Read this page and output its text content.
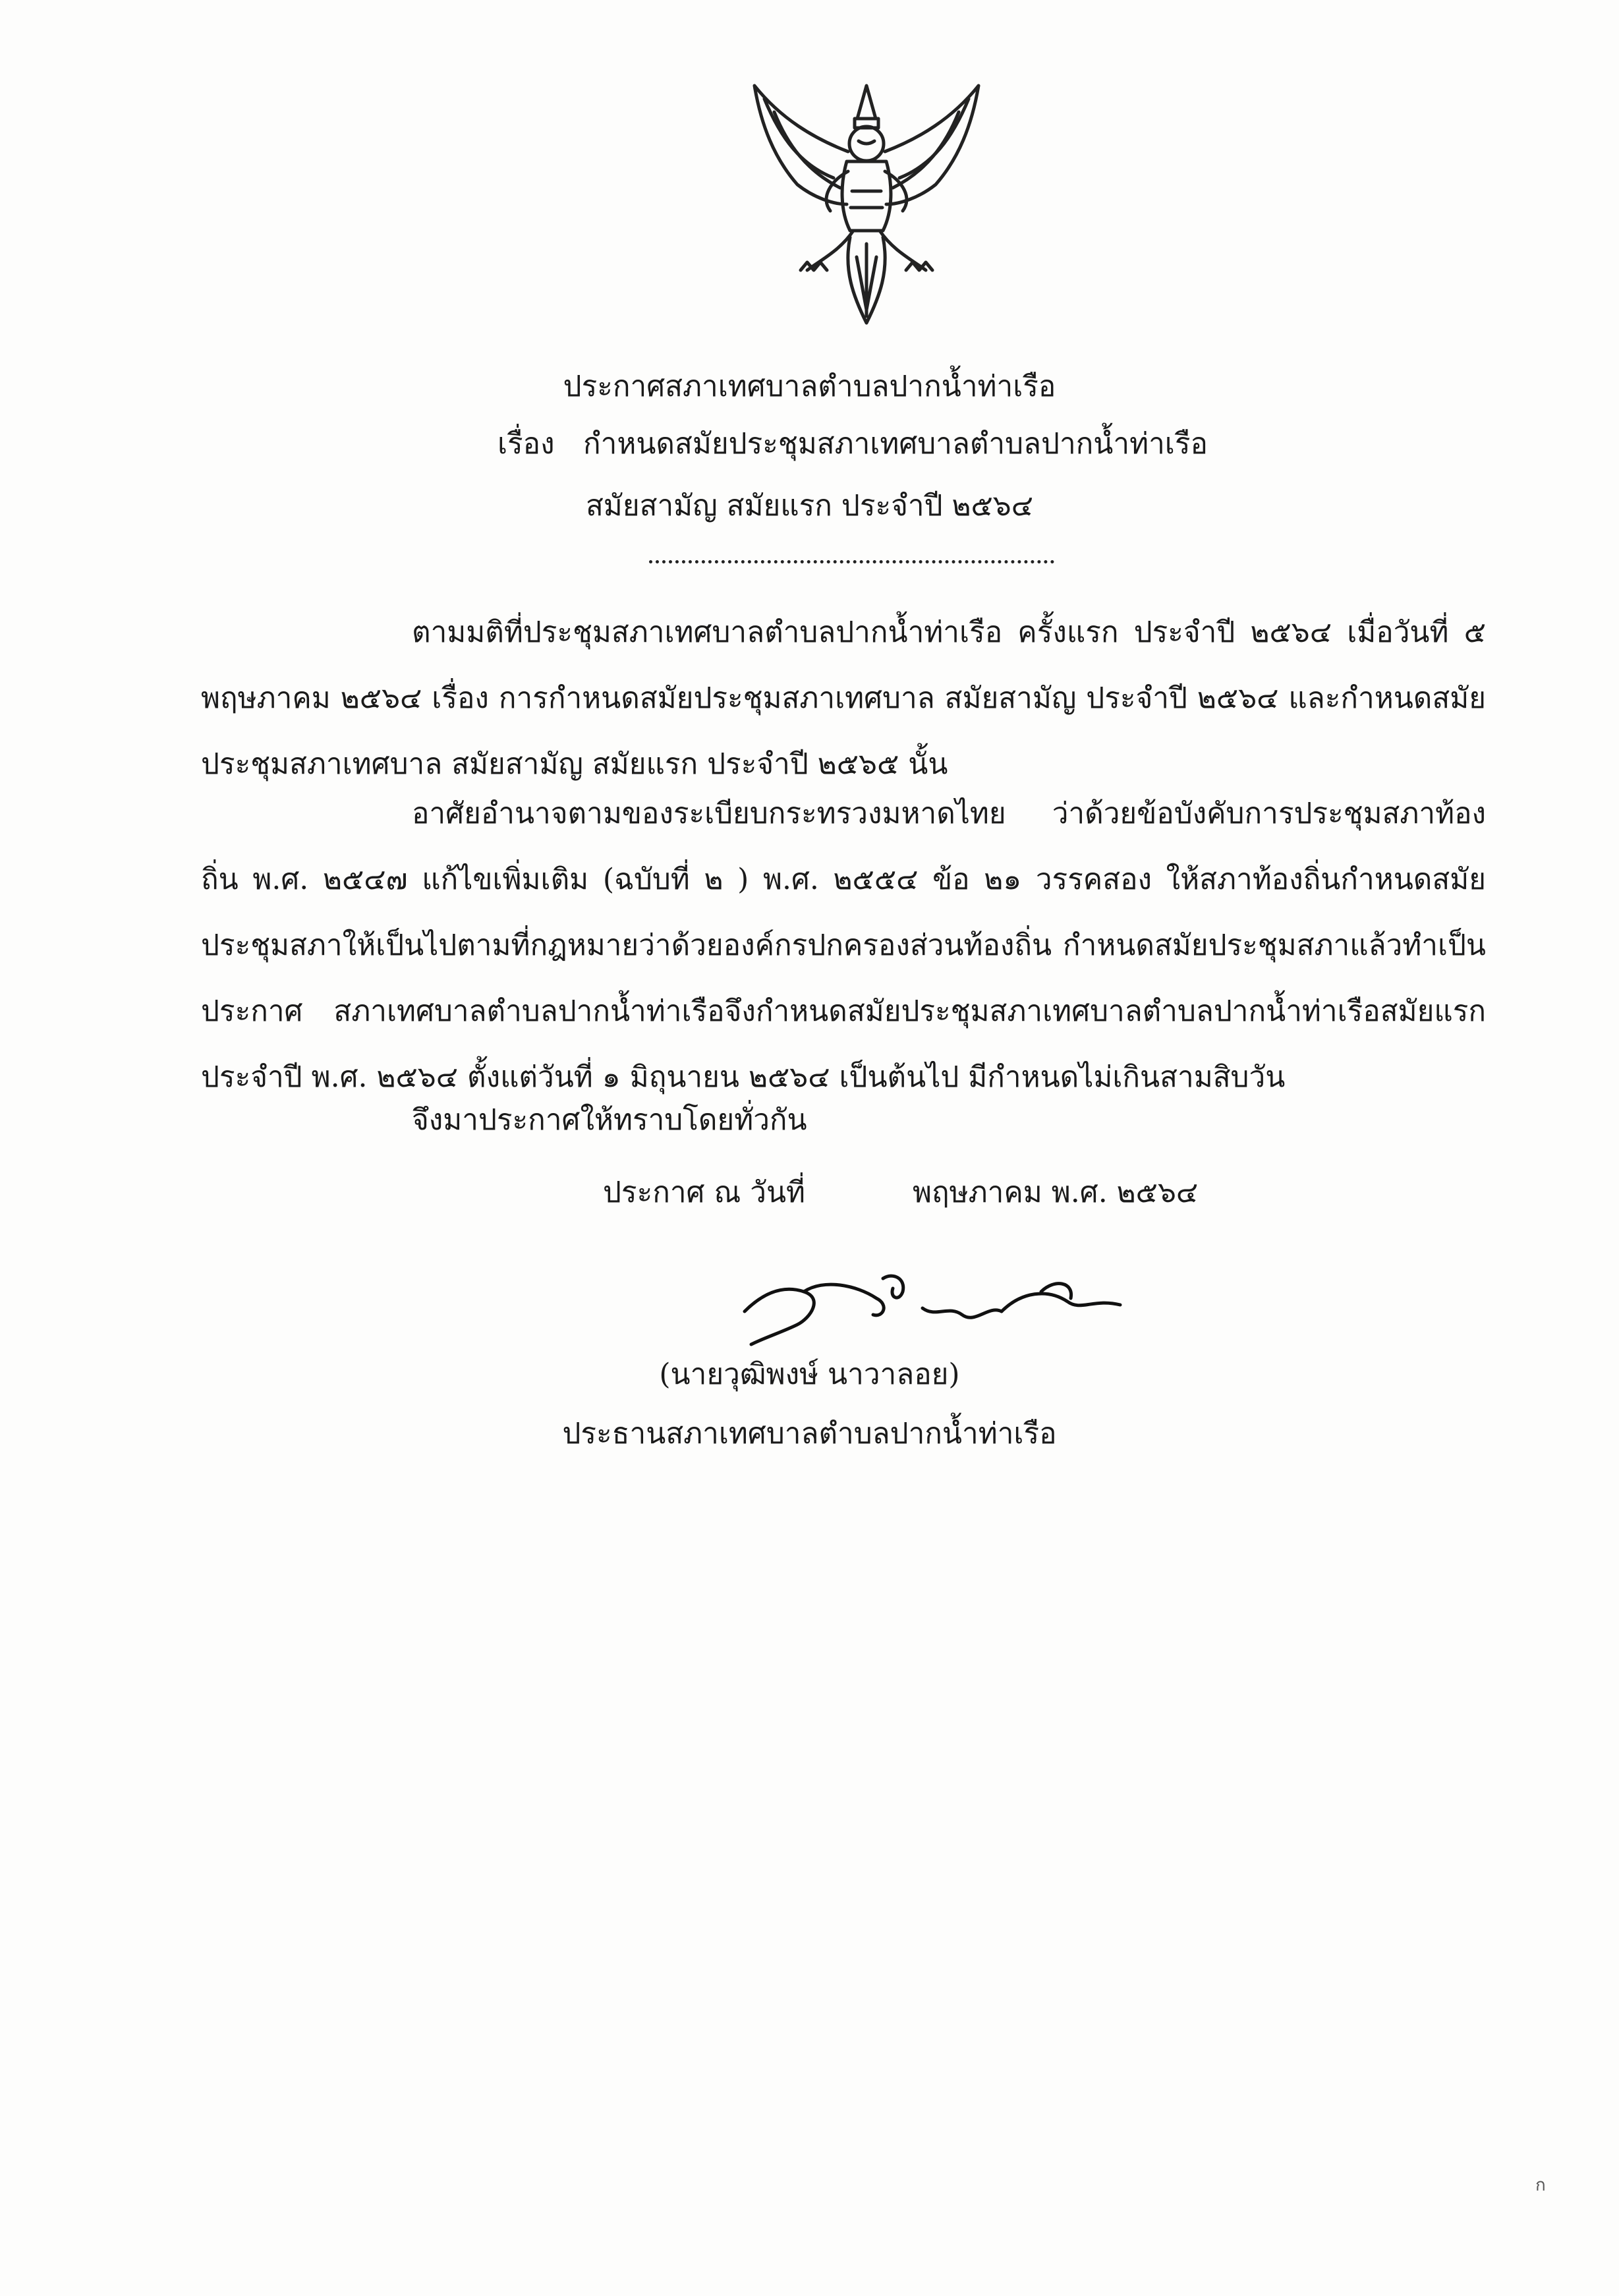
ประกาศสภาเทศบาลตำบลปากน้ำท่าเรือ
เรื่อง กำหนดสมัยประชุมสภาเทศบาลตำบลปากน้ำท่าเรือ
สมัยสามัญ สมัยแรก ประจำปี ๒๕๖๔

ตามมติที่ประชุมสภาเทศบาลตำบลปากน้ำท่าเรือ ครั้งแรก ประจำปี ๒๕๖๔ เมื่อวันที่ ๕ พฤษภาคม ๒๕๖๔ เรื่อง การกำหนดสมัยประชุมสภาเทศบาล สมัยสามัญ ประจำปี ๒๕๖๔ และกำหนดสมัยประชุมสภาเทศบาล สมัยสามัญ สมัยแรก ประจำปี ๒๕๖๕ นั้น

อาศัยอำนาจตามของระเบียบกระทรวงมหาดไทย ว่าด้วยข้อบังคับการประชุมสภาท้องถิ่น พ.ศ. ๒๕๔๗ แก้ไขเพิ่มเติม (ฉบับที่ ๒ ) พ.ศ. ๒๕๕๔ ข้อ ๒๑ วรรคสอง ให้สภาท้องถิ่นกำหนดสมัยประชุมสภาให้เป็นไปตามที่กฎหมายว่าด้วยองค์กรปกครองส่วนท้องถิ่น กำหนดสมัยประชุมสภาแล้วทำเป็นประกาศ สภาเทศบาลตำบลปากน้ำท่าเรือจึงกำหนดสมัยประชุมสภาเทศบาลตำบลปากน้ำท่าเรือสมัยแรก ประจำปี พ.ศ. ๒๕๖๔ ตั้งแต่วันที่ ๑ มิถุนายน ๒๕๖๔ เป็นต้นไป มีกำหนดไม่เกินสามสิบวัน

จึงมาประกาศให้ทราบโดยทั่วกัน

ประกาศ ณ วันที่	พฤษภาคม พ.ศ. ๒๕๖๔
(นายวุฒิพงษ์ นาวาลอย)
ประธานสภาเทศบาลตำบลปากน้ำท่าเรือ
ก
